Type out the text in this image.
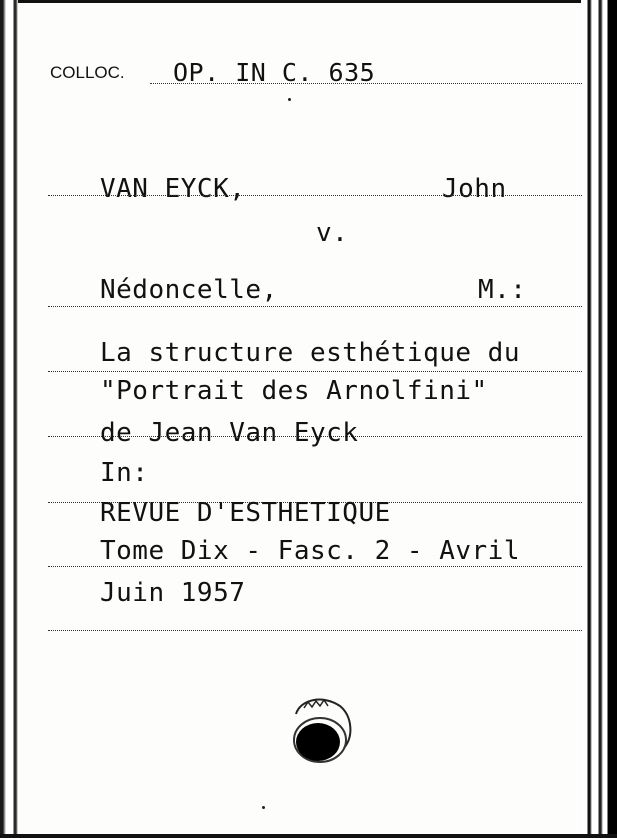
COLLOC. OP. IN C. 635
VAN EYCK,	John
v.
Nédoncelle,	M.:
La structure esthétique du
"Portrait des Arnolfini"
de Jean Van Eyck
In:
REVUE D'ESTHETIQUE
Tome Dix - Fasc. 2 - Avril
Juin 1957
